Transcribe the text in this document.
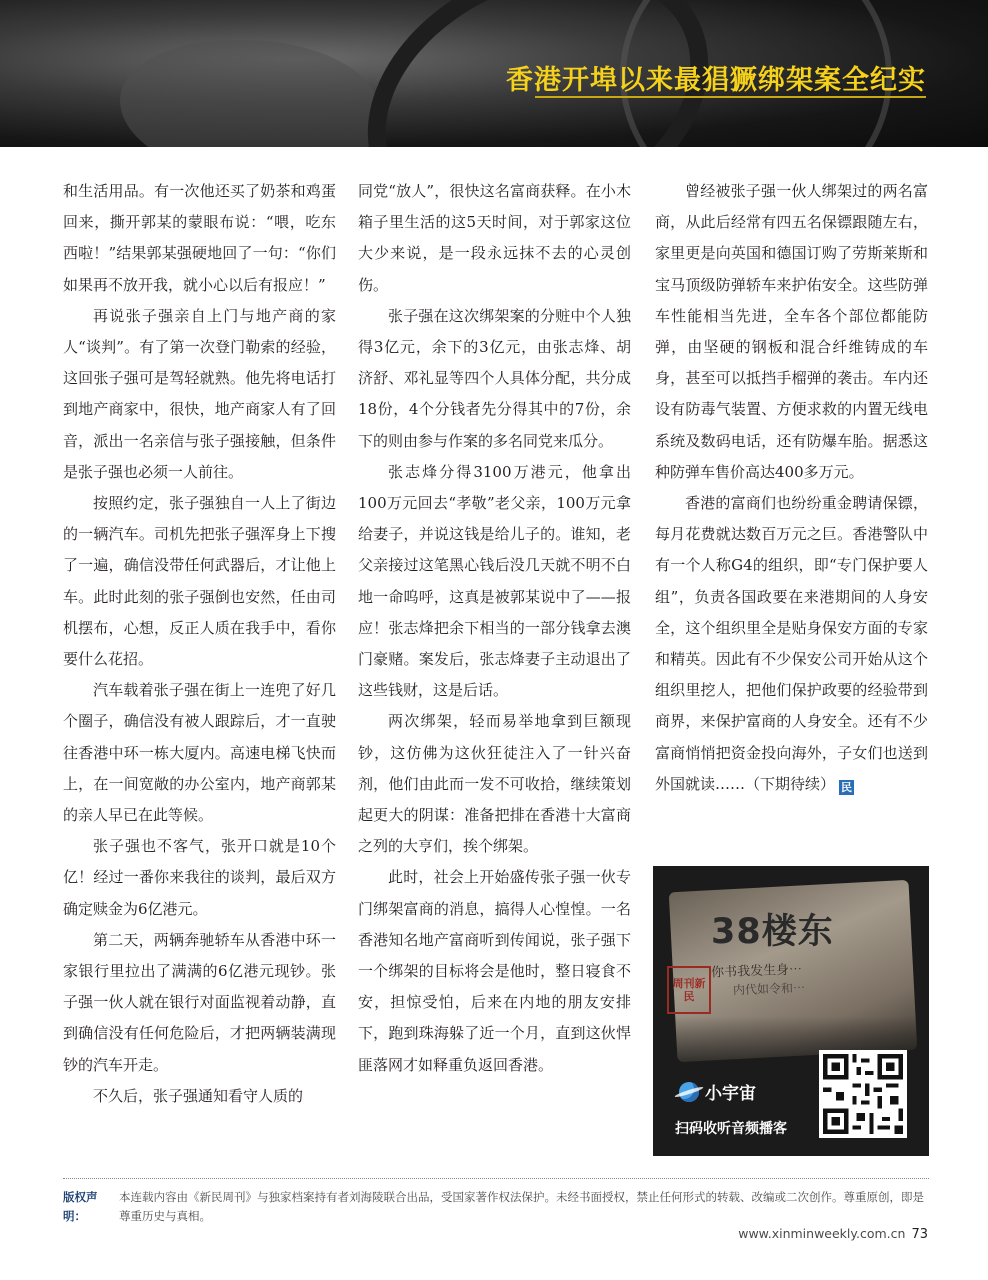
香港开埠以来最猖獗绑架案全纪实

和生活用品。有一次他还买了奶茶和鸡蛋回来，撕开郭某的蒙眼布说：“喂，吃东西啦！”结果郭某强硬地回了一句：“你们如果再不放开我，就小心以后有报应！”

再说张子强亲自上门与地产商的家人“谈判”。有了第一次登门勒索的经验，这回张子强可是驾轻就熟。他先将电话打到地产商家中，很快，地产商家人有了回音，派出一名亲信与张子强接触，但条件是张子强也必须一人前往。

按照约定，张子强独自一人上了街边的一辆汽车。司机先把张子强浑身上下搜了一遍，确信没带任何武器后，才让他上车。此时此刻的张子强倒也安然，任由司机摆布，心想，反正人质在我手中，看你要什么花招。

汽车载着张子强在街上一连兜了好几个圈子，确信没有被人跟踪后，才一直驶往香港中环一栋大厦内。高速电梯飞快而上，在一间宽敞的办公室内，地产商郭某的亲人早已在此等候。

张子强也不客气，张开口就是10个亿！经过一番你来我往的谈判，最后双方确定赎金为6亿港元。

第二天，两辆奔驰轿车从香港中环一家银行里拉出了满满的6亿港元现钞。张子强一伙人就在银行对面监视着动静，直到确信没有任何危险后，才把两辆装满现钞的汽车开走。

不久后，张子强通知看守人质的

同党“放人”，很快这名富商获释。在小木箱子里生活的这5天时间，对于郭家这位大少来说，是一段永远抹不去的心灵创伤。

张子强在这次绑架案的分赃中个人独得3亿元，余下的3亿元，由张志烽、胡济舒、邓礼显等四个人具体分配，共分成18份，4个分钱者先分得其中的7份，余下的则由参与作案的多名同党来瓜分。

张志烽分得3100万港元，他拿出100万元回去“孝敬”老父亲，100万元拿给妻子，并说这钱是给儿子的。谁知，老父亲接过这笔黑心钱后没几天就不明不白地一命呜呼，这真是被郭某说中了——报应！张志烽把余下相当的一部分钱拿去澳门豪赌。案发后，张志烽妻子主动退出了这些钱财，这是后话。

两次绑架，轻而易举地拿到巨额现钞，这仿佛为这伙狂徒注入了一针兴奋剂，他们由此而一发不可收拾，继续策划起更大的阴谋：准备把排在香港十大富商之列的大亨们，挨个绑架。

此时，社会上开始盛传张子强一伙专门绑架富商的消息，搞得人心惶惶。一名香港知名地产富商听到传闻说，张子强下一个绑架的目标将会是他时，整日寝食不安，担惊受怕，后来在内地的朋友安排下，跑到珠海躲了近一个月，直到这伙悍匪落网才如释重负返回香港。

曾经被张子强一伙人绑架过的两名富商，从此后经常有四五名保镖跟随左右，家里更是向英国和德国订购了劳斯莱斯和宝马顶级防弹轿车来护佑安全。这些防弹车性能相当先进，全车各个部位都能防弹，由坚硬的钢板和混合纤维铸成的车身，甚至可以抵挡手榴弹的袭击。车内还设有防毒气装置、方便求救的内置无线电系统及数码电话，还有防爆车胎。据悉这种防弹车售价高达400多万元。

香港的富商们也纷纷重金聘请保镖，每月花费就达数百万元之巨。香港警队中有一个人称G4的组织，即“专门保护要人组”，负责各国政要在来港期间的人身安全，这个组织里全是贴身保安方面的专家和精英。因此有不少保安公司开始从这个组织里挖人，把他们保护政要的经验带到商界，来保护富商的人身安全。还有不少富商悄悄把资金投向海外，子女们也送到外国就读……（下期待续） 民

38楼东
你书我发生身⋯
内代如令和⋯
周刊新民
小宇宙
扫码收听音频播客
版权声明：本连载内容由《新民周刊》与独家档案持有者刘海陵联合出品，受国家著作权法保护。未经书面授权，禁止任何形式的转载、改编或二次创作。尊重原创，即是尊重历史与真相。
www.xinminweekly.com.cn 73
